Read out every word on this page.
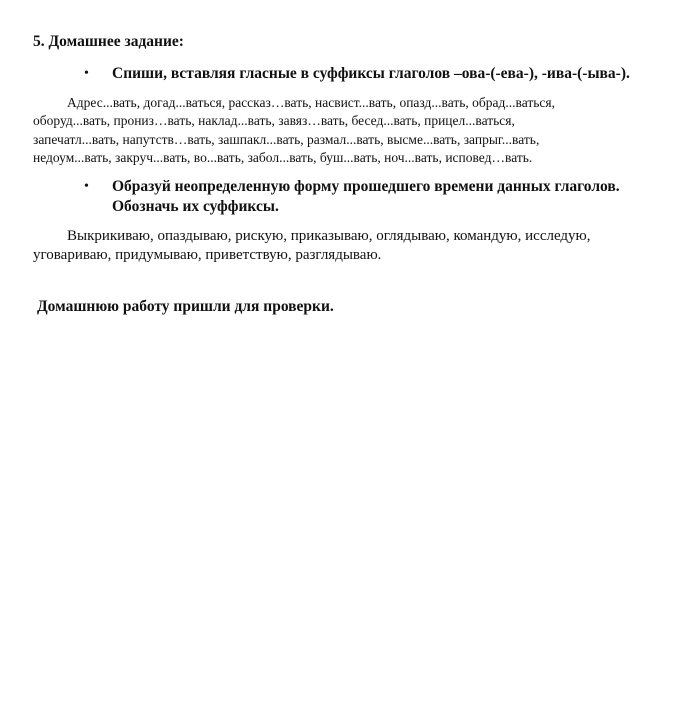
5. Домашнее задание:
•	Спиши, вставляя гласные в суффиксы глаголов –ова-(-ева-), -ива-(-ыва-).
Адрес...вать, догад...ваться, рассказ…вать, насвист...вать, опазд...вать, обрад...ваться,
оборуд...вать, прониз…вать, наклад...вать, завяз…вать, бесед...вать, прицел...ваться,
запечатл...вать, напутств…вать, зашпакл...вать, размал...вать, высме...вать, запрыг...вать,
недоум...вать, закруч...вать, во...вать, забол...вать, буш...вать, ноч...вать, исповед…вать.
•	Образуй неопределенную форму прошедшего времени данных глаголов.
Обозначь их суффиксы.
Выкрикиваю, опаздываю, рискую, приказываю, оглядываю, командую, исследую,
уговариваю, придумываю, приветствую, разглядываю.
Домашнюю работу пришли для проверки.
